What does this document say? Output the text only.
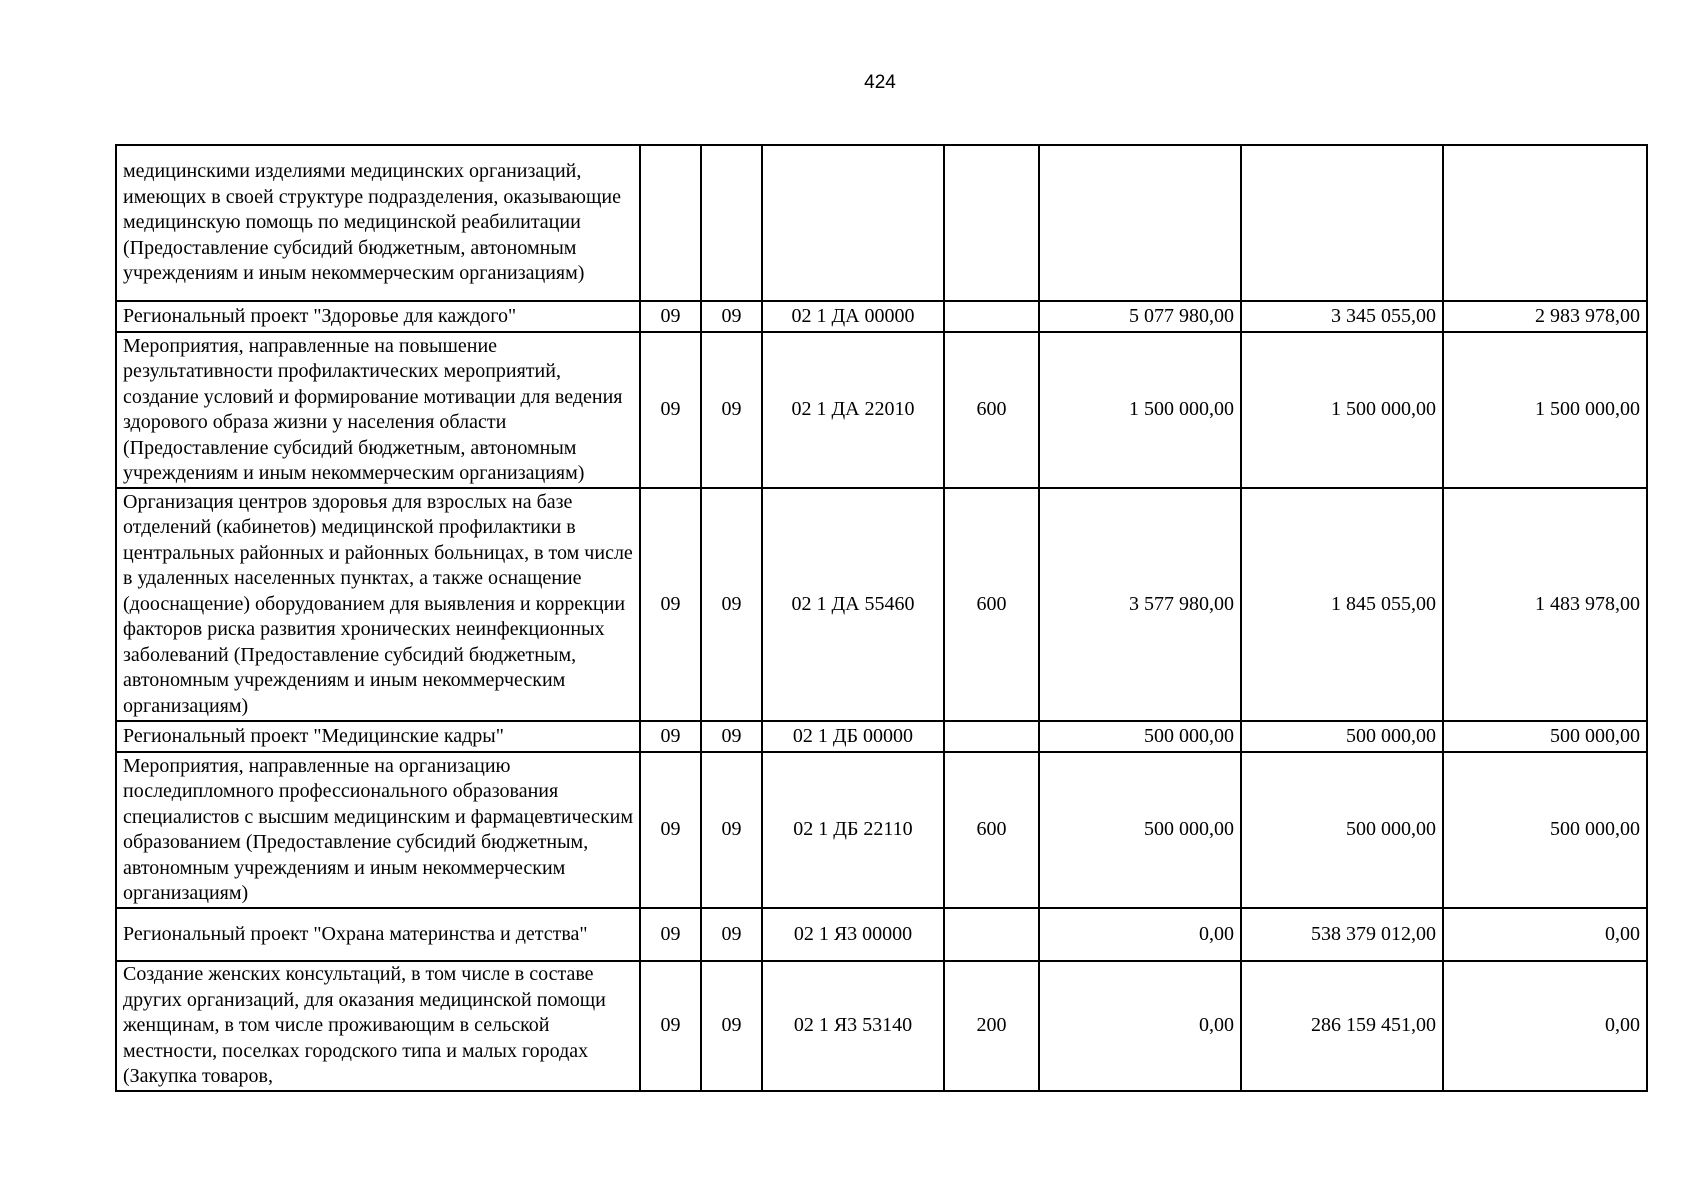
424
медицинскими изделиями медицинских организаций, имеющих в своей структуре подразделения, оказывающие медицинскую помощь по медицинской реабилитации (Предоставление субсидий бюджетным, автономным учреждениям и иным некоммерческим организациям)							
Региональный проект "Здоровье для каждого"	09	09	02 1 ДА 00000		5 077 980,00	3 345 055,00	2 983 978,00
Мероприятия, направленные на повышение результативности профилактических мероприятий, создание условий и формирование мотивации для ведения здорового образа жизни у населения области (Предоставление субсидий бюджетным, автономным учреждениям и иным некоммерческим организациям)	09	09	02 1 ДА 22010	600	1 500 000,00	1 500 000,00	1 500 000,00
Организация центров здоровья для взрослых на базе отделений (кабинетов) медицинской профилактики в центральных районных и районных больницах, в том числе в удаленных населенных пунктах, а также оснащение (дооснащение) оборудованием для выявления и коррекции факторов риска развития хронических неинфекционных заболеваний (Предоставление субсидий бюджетным, автономным учреждениям и иным некоммерческим организациям)	09	09	02 1 ДА 55460	600	3 577 980,00	1 845 055,00	1 483 978,00
Региональный проект "Медицинские кадры"	09	09	02 1 ДБ 00000		500 000,00	500 000,00	500 000,00
Мероприятия, направленные на организацию последипломного профессионального образования специалистов с высшим медицинским и фармацевтическим образованием (Предоставление субсидий бюджетным, автономным учреждениям и иным некоммерческим организациям)	09	09	02 1 ДБ 22110	600	500 000,00	500 000,00	500 000,00
Региональный проект "Охрана материнства и детства"	09	09	02 1 Я3 00000		0,00	538 379 012,00	0,00
Создание женских консультаций, в том числе в составе других организаций, для оказания медицинской помощи женщинам, в том числе проживающим в сельской местности, поселках городского типа и малых городах (Закупка товаров,	09	09	02 1 Я3 53140	200	0,00	286 159 451,00	0,00
